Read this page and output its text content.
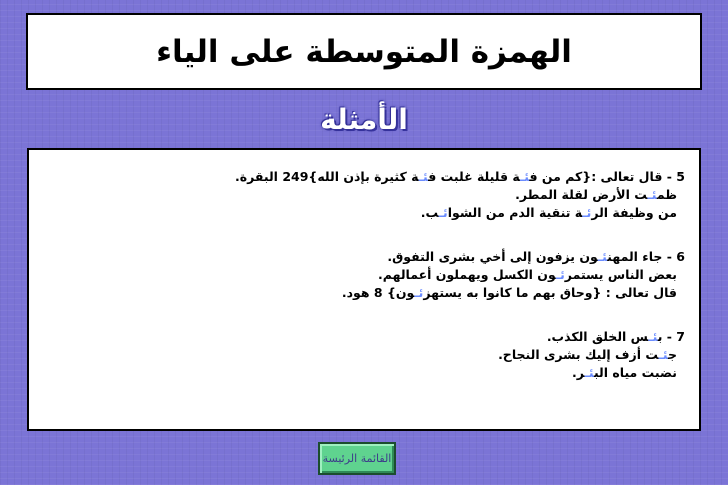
الهمزة المتوسطة على الياء
الأمثلة
5 - قال تعالى :{كم من فئـة قليلة غلبت فئـة كثيرة بإذن الله}249 البقرة.
ظمئـت الأرض لقلة المطر.
من وظيفة الرئـة تنقية الدم من الشوائـب.
6 - جاء المهنئـون يزفون إلى أخي بشرى التفوق.
بعض الناس يستمرئـون الكسل ويهملون أعمالهم.
قال تعالى : {وحاق بهم ما كانوا به يستهزئـون} 8 هود.
7 - بئـس الخلق الكذب.
جئـت أزف إليك بشرى النجاح.
نضبت مياه البئـر.
القائمة الرئيسة
